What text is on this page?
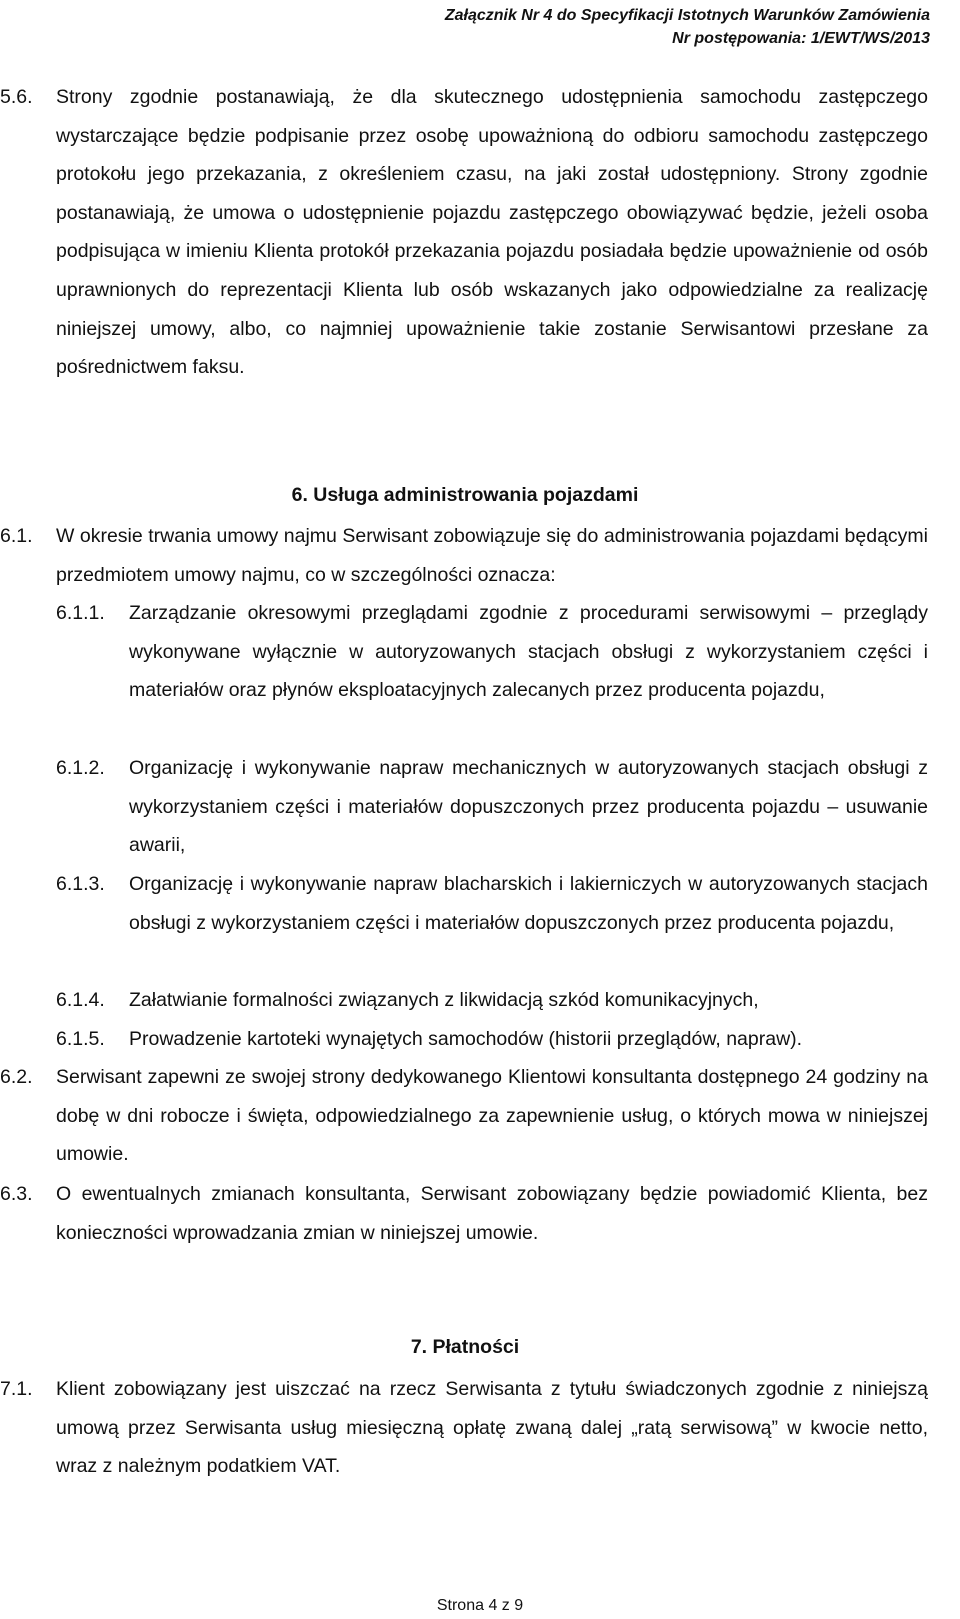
Załącznik Nr 4 do Specyfikacji Istotnych Warunków Zamówienia
Nr postępowania: 1/EWT/WS/2013
5.6. Strony zgodnie postanawiają, że dla skutecznego udostępnienia samochodu zastępczego wystarczające będzie podpisanie przez osobę upoważnioną do odbioru samochodu zastępczego protokołu jego przekazania, z określeniem czasu, na jaki został udostępniony. Strony zgodnie postanawiają, że umowa o udostępnienie pojazdu zastępczego obowiązywać będzie, jeżeli osoba podpisująca w imieniu Klienta protokół przekazania pojazdu posiadała będzie upoważnienie od osób uprawnionych do reprezentacji Klienta lub osób wskazanych jako odpowiedzialne za realizację niniejszej umowy, albo, co najmniej upoważnienie takie zostanie Serwisantowi przesłane za pośrednictwem faksu.

6. Usługa administrowania pojazdami
6.1. W okresie trwania umowy najmu Serwisant zobowiązuje się do administrowania pojazdami będącymi przedmiotem umowy najmu, co w szczególności oznacza:

6.1.1. Zarządzanie okresowymi przeglądami zgodnie z procedurami serwisowymi – przeglądy wykonywane wyłącznie w autoryzowanych stacjach obsługi z wykorzystaniem części i materiałów oraz płynów eksploatacyjnych zalecanych przez producenta pojazdu,

6.1.2. Organizację i wykonywanie napraw mechanicznych w autoryzowanych stacjach obsługi z wykorzystaniem części i materiałów dopuszczonych przez producenta pojazdu – usuwanie awarii,

6.1.3. Organizację i wykonywanie napraw blacharskich i lakierniczych w autoryzowanych stacjach obsługi z wykorzystaniem części i materiałów dopuszczonych przez producenta pojazdu,

6.1.4. Załatwianie formalności związanych z likwidacją szkód komunikacyjnych,

6.1.5. Prowadzenie kartoteki wynajętych samochodów (historii przeglądów, napraw).

6.2. Serwisant zapewni ze swojej strony dedykowanego Klientowi konsultanta dostępnego 24 godziny na dobę w dni robocze i święta, odpowiedzialnego za zapewnienie usług, o których mowa w niniejszej umowie.

6.3. O ewentualnych zmianach konsultanta, Serwisant zobowiązany będzie powiadomić Klienta, bez konieczności wprowadzania zmian w niniejszej umowie.

7. Płatności
7.1. Klient zobowiązany jest uiszczać na rzecz Serwisanta z tytułu świadczonych zgodnie z niniejszą umową przez Serwisanta usług miesięczną opłatę zwaną dalej „ratą serwisową” w kwocie netto, wraz z należnym podatkiem VAT.

Strona 4 z 9
